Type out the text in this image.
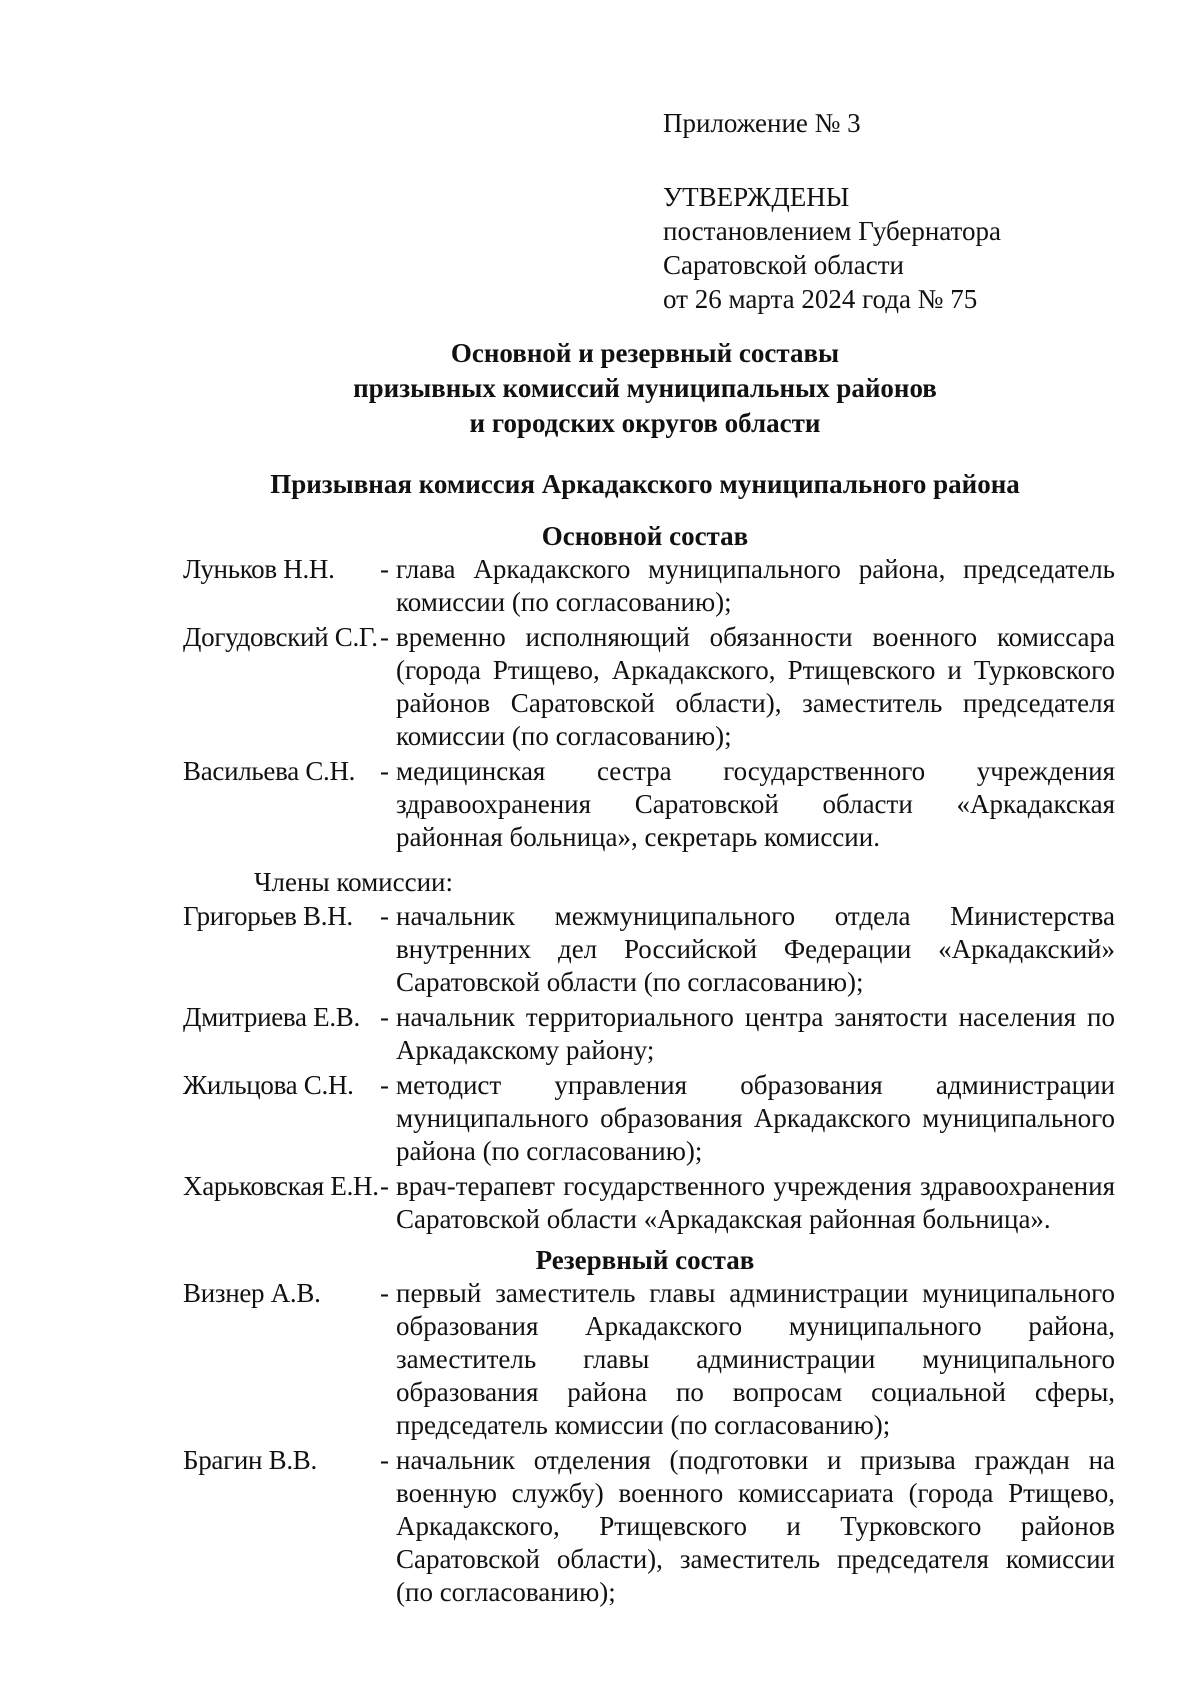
Приложение № 3
УТВЕРЖДЕНЫ
постановлением Губернатора
Саратовской области
от 26 марта 2024 года № 75
Основной и резервный составы
призывных комиссий муниципальных районов
и городских округов области
Призывная комиссия Аркадакского муниципального района
Основной состав
Луньков Н.Н.	- глава Аркадакского муниципального района, председатель комиссии (по согласованию);
Догудовский С.Г. - временно исполняющий обязанности военного комиссара (города Ртищево, Аркадакского, Ртищевского и Турковского районов Саратовской области), заместитель председателя комиссии (по согласованию);
Васильева С.Н. - медицинская сестра государственного учреждения здравоохранения Саратовской области «Аркадакская районная больница», секретарь комиссии.
Члены комиссии:
Григорьев В.Н.	- начальник межмуниципального отдела Министерства внутренних дел Российской Федерации «Аркадакский» Саратовской области (по согласованию);
Дмитриева Е.В. - начальник территориального центра занятости населения по Аркадакскому району;
Жильцова С.Н. - методист управления образования администрации муниципального образования Аркадакского муниципального района (по согласованию);
Харьковская Е.Н. - врач-терапевт государственного учреждения здравоохранения Саратовской области «Аркадакская районная больница».
Резервный состав
Визнер А.В.	- первый заместитель главы администрации муниципального образования Аркадакского муниципального района, заместитель главы администрации муниципального образования района по вопросам социальной сферы, председатель комиссии (по согласованию);
Брагин В.В.	- начальник отделения (подготовки и призыва граждан на военную службу) военного комиссариата (города Ртищево, Аркадакского, Ртищевского и Турковского районов Саратовской области), заместитель председателя комиссии (по согласованию);
